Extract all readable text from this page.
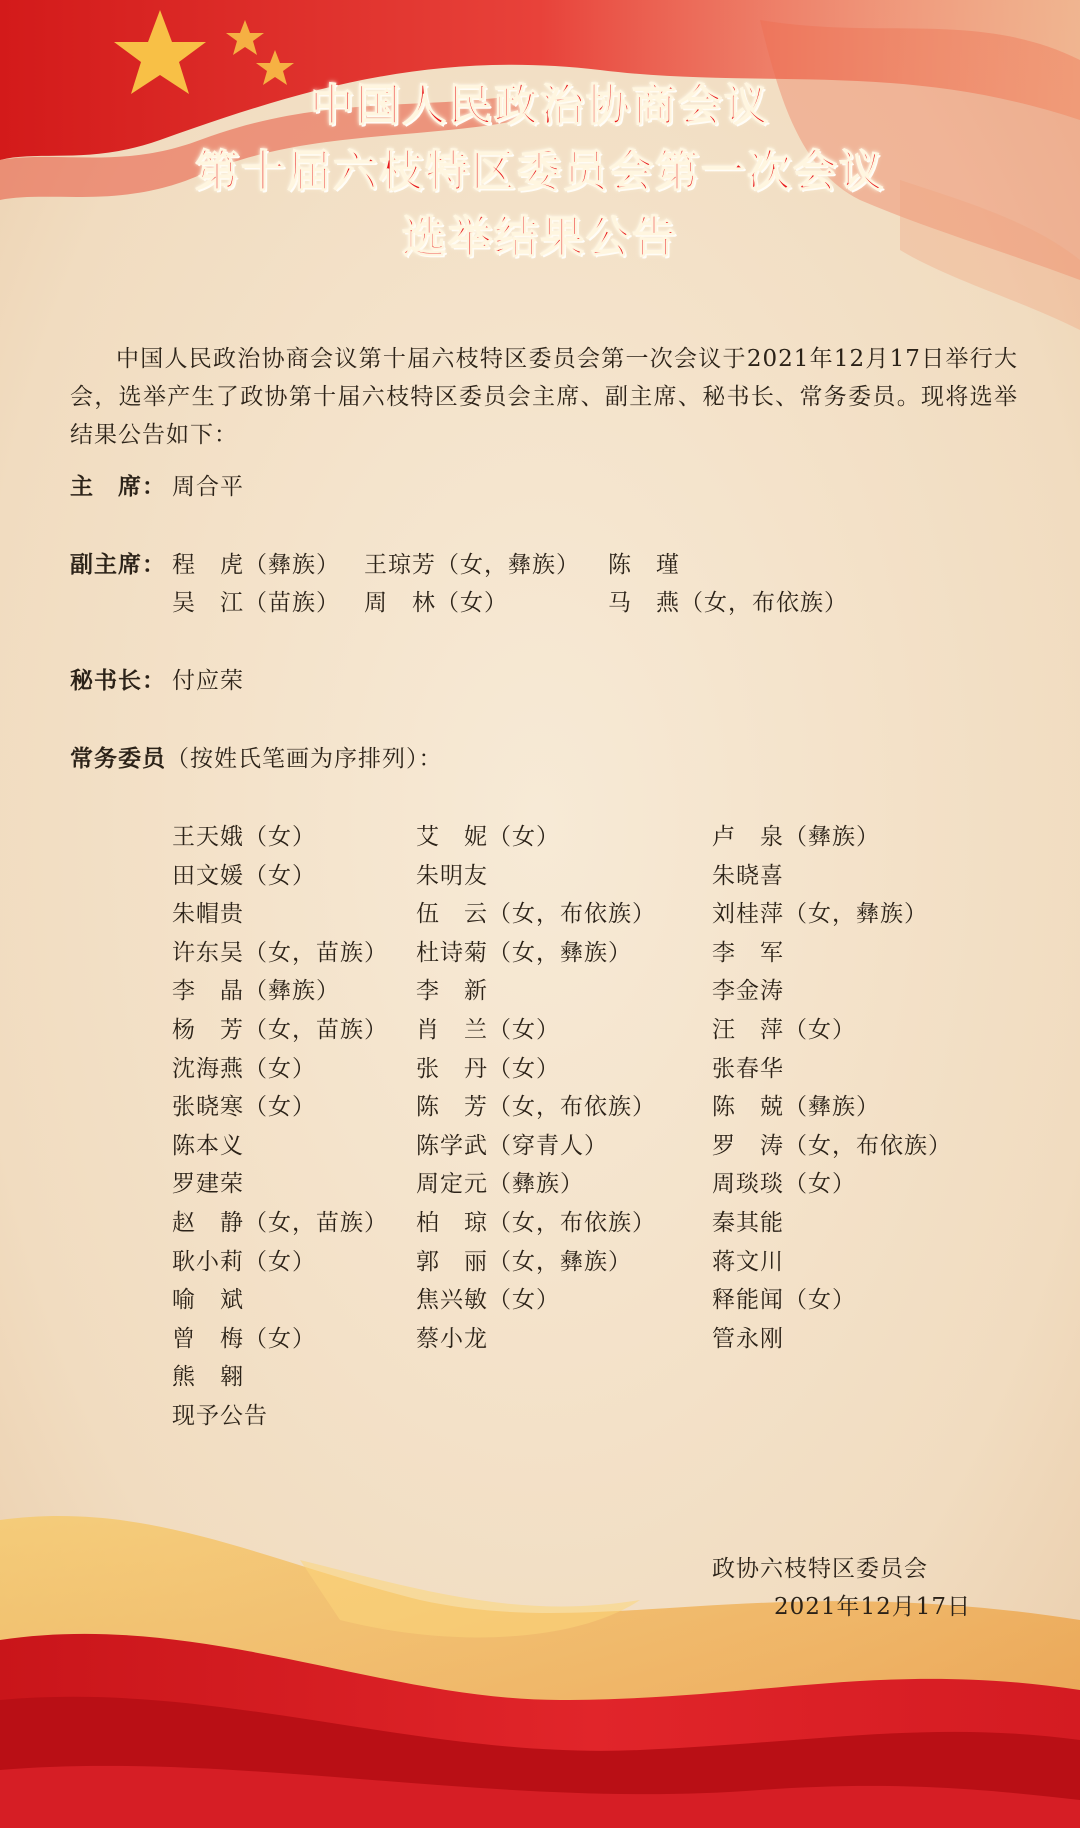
中国人民政治协商会议
第十届六枝特区委员会第一次会议
选举结果公告
中国人民政治协商会议第十届六枝特区委员会第一次会议于2021年12月17日举行大会，选举产生了政协第十届六枝特区委员会主席、副主席、秘书长、常务委员。现将选举结果公告如下：
主　席： 周合平
副主席： 程　虎（彝族） 王琼芳（女，彝族） 陈　瑾
吴　江（苗族） 周　林（女）	马　燕（女，布依族）
秘书长： 付应荣
常务委员（按姓氏笔画为序排列）：
王天娥（女）	艾　妮（女）	卢　泉（彝族）
田文媛（女）	朱明友	朱晓喜
朱帽贵	伍　云（女，布依族） 刘桂萍（女，彝族）
许东吴（女，苗族） 杜诗菊（女，彝族）	李　军
李　晶（彝族）	李　新	李金涛
杨　芳（女，苗族） 肖　兰（女）	汪　萍（女）
沈海燕（女）	张　丹（女）	张春华
张晓寒（女）	陈　芳（女，布依族） 陈　兢（彝族）
陈本义	陈学武（穿青人）	罗　涛（女，布依族）
罗建荣	周定元（彝族）	周琰琰（女）
赵　静（女，苗族） 柏　琼（女，布依族） 秦其能
耿小莉（女）	郭　丽（女，彝族）	蒋文川
喻　斌	焦兴敏（女）	释能闻（女）
曾　梅（女）	蔡小龙	管永刚
熊　翱
现予公告
政协六枝特区委员会
2021年12月17日
